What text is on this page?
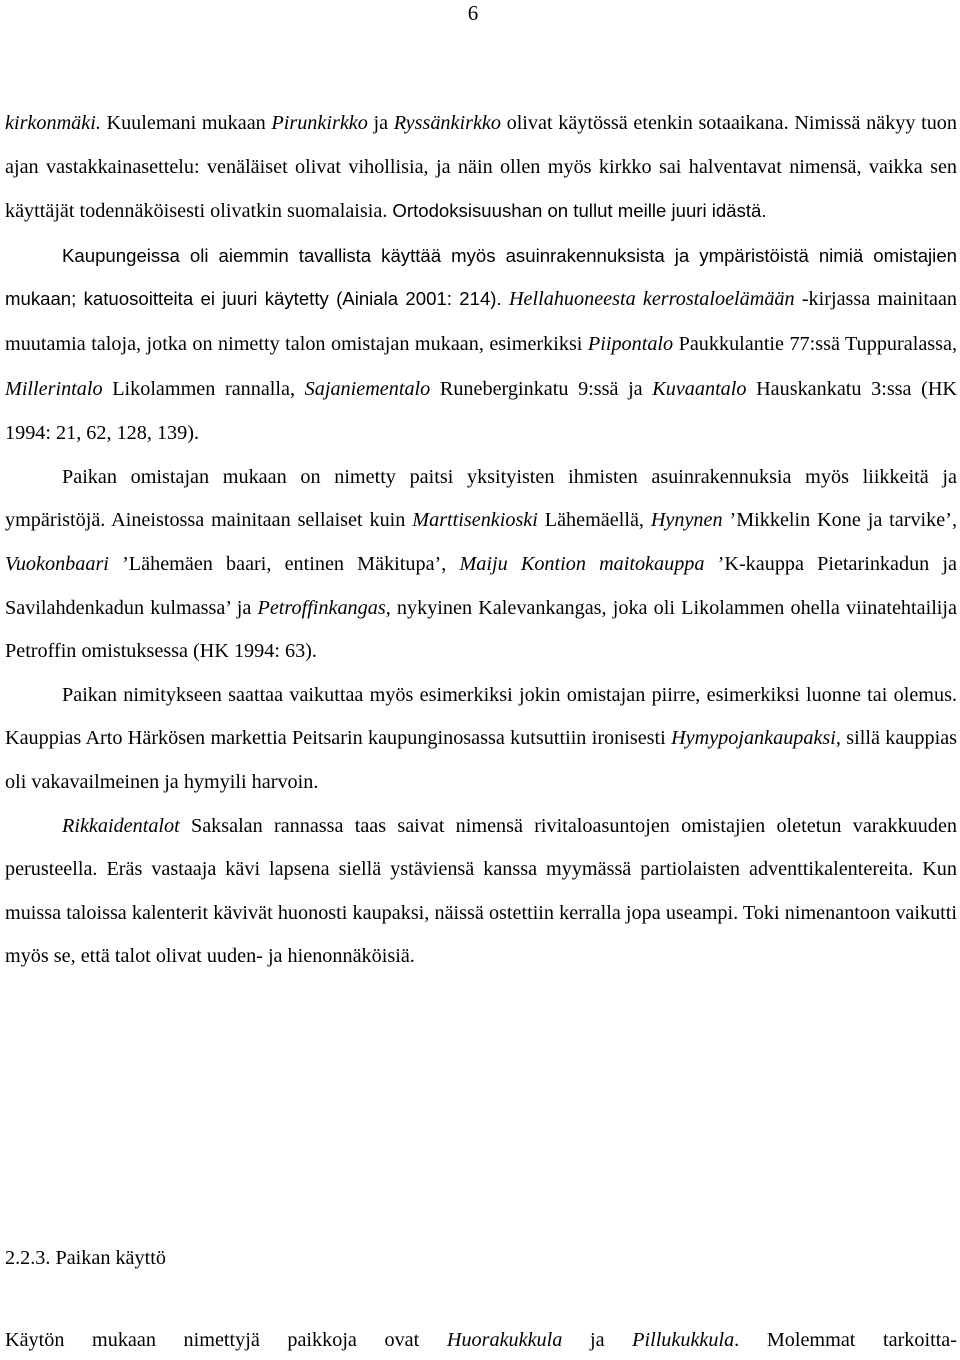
6

kirkonmäki. Kuulemani mukaan Pirunkirkko ja Ryssänkirkko olivat käytössä etenkin sotaaikana. Nimissä näkyy tuon ajan vastakkainasettelu: venäläiset olivat vihollisia, ja näin ollen myös kirkko sai halventavat nimensä, vaikka sen käyttäjät todennäköisesti olivatkin suomalaisia. Ortodoksisuushan on tullut meille juuri idästä.

Kaupungeissa oli aiemmin tavallista käyttää myös asuinrakennuksista ja ympäristöistä nimiä omistajien mukaan; katuosoitteita ei juuri käytetty (Ainiala 2001: 214). Hellahuoneesta kerrostaloelämään -kirjassa mainitaan muutamia taloja, jotka on nimetty talon omistajan mukaan, esimerkiksi Piipontalo Paukkulantie 77:ssä Tuppuralassa, Millerintalo Likolammen rannalla, Sajaniementalo Runeberginkatu 9:ssä ja Kuvaantalo Hauskankatu 3:ssa (HK 1994: 21, 62, 128, 139).

Paikan omistajan mukaan on nimetty paitsi yksityisten ihmisten asuinrakennuksia myös liikkeitä ja ympäristöjä. Aineistossa mainitaan sellaiset kuin Marttisenkioski Lähemäellä, Hynynen ’Mikkelin Kone ja tarvike’, Vuokonbaari ’Lähemäen baari, entinen Mäkitupa’, Maiju Kontion maitokauppa ’K-kauppa Pietarinkadun ja Savilahdenkadun kulmassa’ ja Petroffinkangas, nykyinen Kalevankangas, joka oli Likolammen ohella viinatehtailija Petroffin omistuksessa (HK 1994: 63).

Paikan nimitykseen saattaa vaikuttaa myös esimerkiksi jokin omistajan piirre, esimerkiksi luonne tai olemus. Kauppias Arto Härkösen markettia Peitsarin kaupunginosassa kutsuttiin ironisesti Hymypojankaupaksi, sillä kauppias oli vakavailmeinen ja hymyili harvoin.

Rikkaidentalot Saksalan rannassa taas saivat nimensä rivitaloasuntojen omistajien oletetun varakkuuden perusteella. Eräs vastaaja kävi lapsena siellä ystäviensä kanssa myymässä partiolaisten adventtikalentereita. Kun muissa taloissa kalenterit kävivät huonosti kaupaksi, näissä ostettiin kerralla jopa useampi. Toki nimenantoon vaikutti myös se, että talot olivat uuden- ja hienonnäköisiä.

2.2.3. Paikan käyttö

Käytön mukaan nimettyjä paikkoja ovat Huorakukkula ja Pillukukkula. Molemmat tarkoitta-
